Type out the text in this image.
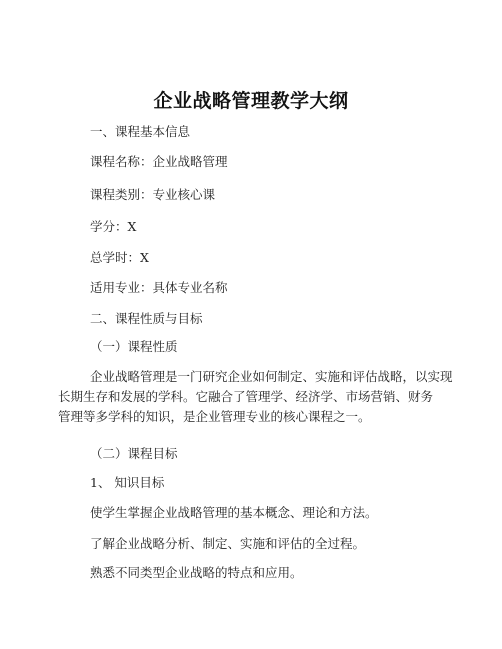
企业战略管理教学大纲
一、课程基本信息
课程名称：企业战略管理
课程类别：专业核心课
学分：X
总学时：X
适用专业：具体专业名称
二、课程性质与目标
（一）课程性质
企业战略管理是一门研究企业如何制定、实施和评估战略，以实现
长期生存和发展的学科。它融合了管理学、经济学、市场营销、财务
管理等多学科的知识，是企业管理专业的核心课程之一。
（二）课程目标
1、 知识目标
使学生掌握企业战略管理的基本概念、理论和方法。
了解企业战略分析、制定、实施和评估的全过程。
熟悉不同类型企业战略的特点和应用。
